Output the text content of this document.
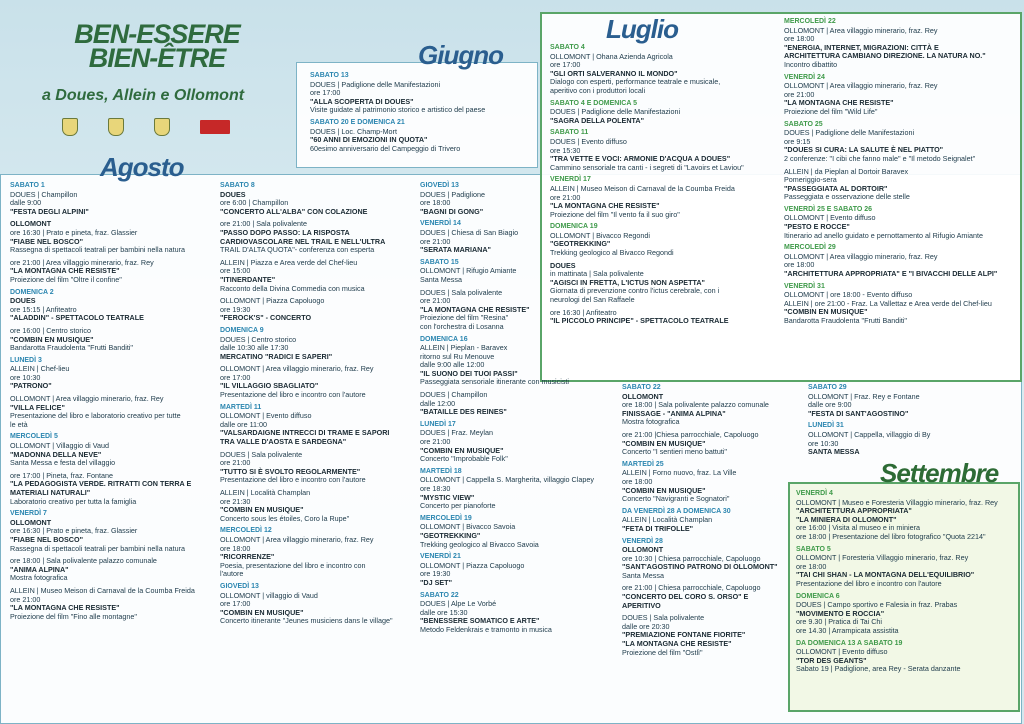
BEN-ESSERE
BIEN-ÊTRE
a Doues, Allein e Ollomont
Giugno
Luglio
Agosto
Settembre
SABATO 13
DOUES | Padiglione delle Manifestazioni
ore 17:00
"ALLA SCOPERTA DI DOUES"
Visite guidate al patrimonio storico e artistico del paese
SABATO 20 E DOMENICA 21
DOUES | Loc. Champ-Mort
"60 ANNI DI EMOZIONI IN QUOTA"
60esimo anniversario del Campeggio di Trivero
SABATO 4
OLLOMONT | Ohana Azienda Agricola
ore 17:00
"GLI ORTI SALVERANNO IL MONDO"
Dialogo con esperti, performance teatrale e musicale,
aperitivo con i produttori locali
SABATO 4 E DOMENICA 5
DOUES | Padiglione delle Manifestazioni
"SAGRA DELLA POLENTA"
SABATO 11
DOUES | Evento diffuso
ore 15:30
"TRA VETTE E VOCI: ARMONIE D'ACQUA A DOUES"
Cammino sensoriale tra canti - i segreti di "Lavoirs et Laviou"
VENERDÌ 17
ALLEIN | Museo Meison di Carnaval de la Coumba Freida
ore 21:00
"LA MONTAGNA CHE RESISTE"
Proiezione del film "Il vento fa il suo giro"
DOMENICA 19
OLLOMONT | Bivacco Regondi
"GEOTREKKING"
Trekking geologico al Bivacco Regondi
DOUES
in mattinata | Sala polivalente
"AGISCI IN FRETTA, L'ICTUS NON ASPETTA"
Giornata di prevenzione contro l'ictus cerebrale, con i
neurologi del San Raffaele

ore 16:30 | Anfiteatro
"IL PICCOLO PRINCIPE" - SPETTACOLO TEATRALE
MERCOLEDÌ 22
OLLOMONT | Area villaggio minerario, fraz. Rey
ore 18:00
"ENERGIA, INTERNET, MIGRAZIONI: CITTÀ E
ARCHITETTURA CAMBIANO DIREZIONE. LA NATURA NO."
Incontro dibattito
VENERDÌ 24
OLLOMONT | Area villaggio minerario, fraz. Rey
ore 21:00
"LA MONTAGNA CHE RESISTE"
Proiezione del film "Wild Life"
SABATO 25
DOUES | Padiglione delle Manifestazioni
ore 9:15
"DOUES SI CURA: LA SALUTE È NEL PIATTO"
2 conferenze: "I cibi che fanno male" e "Il metodo Seignalet"

ALLEIN | da Pieplan al Dortoir Baravex
Pomeriggio-sera
"PASSEGGIATA AL DORTOIR"
Passeggiata e osservazione delle stelle
VENERDÌ 25 E SABATO 26
OLLOMONT | Evento diffuso
"PESTO E ROCCE"
Itinerario ad anello guidato e pernottamento al Rifugio Amiante
MERCOLEDÌ 29
OLLOMONT | Area villaggio minerario, fraz. Rey
ore 18:00
"ARCHITETTURA APPROPRIATA" E "I BIVACCHI DELLE ALPI"
VENERDÌ 31
OLLOMONT | ore 18:00 - Evento diffuso
ALLEIN | ore 21:00 - Fraz. La Vallettaz e Area verde del Chef-lieu
"COMBIN EN MUSIQUE"
Bandarotta Fraudolenta "Frutti Banditi"
SABATO 1
DOUES | Champillon
dalle 9:00
"FESTA DEGLI ALPINI"

OLLOMONT
ore 16:30 | Prato e pineta, fraz. Glassier
"FIABE NEL BOSCO"
Rassegna di spettacoli teatrali per bambini nella natura

ore 21:00 | Area villaggio minerario, fraz. Rey
"LA MONTAGNA CHE RESISTE"
Proiezione del film "Oltre il confine"
DOMENICA 2
DOUES
ore 15:15 | Anfiteatro
"ALADDIN" - SPETTACOLO TEATRALE

ore 16:00 | Centro storico
"COMBIN EN MUSIQUE"
Bandarotta Fraudolenta "Frutti Banditi"
LUNEDÌ 3
ALLEIN | Chef-lieu
ore 10:30
"PATRONO"

OLLOMONT | Area villaggio minerario, fraz. Rey
"VILLA FELICE"
Presentazione del libro e laboratorio creativo per tutte
le età
MERCOLEDÌ 5
OLLOMONT | Villaggio di Vaud
"MADONNA DELLA NEVE"
Santa Messa e festa del villaggio

ore 17:00 | Pineta, fraz. Fontane
"LA PEDAGOGISTA VERDE. RITRATTI CON TERRA E
MATERIALI NATURALI"
Laboratorio creativo per tutta la famiglia
VENERDÌ 7
OLLOMONT
ore 16:30 | Prato e pineta, fraz. Glassier
"FIABE NEL BOSCO"
Rassegna di spettacoli teatrali per bambini nella natura

ore 18:00 | Sala polivalente palazzo comunale
"ANIMA ALPINA"
Mostra fotografica

ALLEIN | Museo Meison di Carnaval de la Coumba Freida
ore 21:00
"LA MONTAGNA CHE RESISTE"
Proiezione del film "Fino alle montagne"
SABATO 8
DOUES
ore 6:00 | Champillon
"CONCERTO ALL'ALBA" CON COLAZIONE

ore 21:00 | Sala polivalente
"PASSO DOPO PASSO: LA RISPOSTA
CARDIOVASCOLARE NEL TRAIL E NELL'ULTRA
TRAIL D'ALTA QUOTA"- conferenza con esperta

ALLEIN | Piazza e Area verde del Chef-lieu
ore 15:00
"ITINERDANTE"
Racconto della Divina Commedia con musica

OLLOMONT | Piazza Capoluogo
ore 19:30
"FEROCK'S" - CONCERTO
DOMENICA 9
DOUES | Centro storico
dalle 10:30 alle 17:30
MERCATINO "RADICI E SAPERI"

OLLOMONT | Area villaggio minerario, fraz. Rey
ore 17:00
"IL VILLAGGIO SBAGLIATO"
Presentazione del libro e incontro con l'autore
MARTEDÌ 11
OLLOMONT | Evento diffuso
dalle ore 11:00
"VALSARDAIGNE INTRECCI DI TRAME E SAPORI
TRA VALLE D'AOSTA E SARDEGNA"

DOUES | Sala polivalente
ore 21:00
"TUTTO SI È SVOLTO REGOLARMENTE"
Presentazione del libro e incontro con l'autore

ALLEIN | Località Champlan
ore 21:30
"COMBIN EN MUSIQUE"
Concerto sous les étoiles, Coro la Rupe"
MERCOLEDÌ 12
OLLOMONT | Area villaggio minerario, fraz. Rey
ore 18:00
"RICORRENZE"
Poesia, presentazione del libro e incontro con
l'autore
GIOVEDÌ 13
OLLOMONT | villaggio di Vaud
ore 17:00
"COMBIN EN MUSIQUE"
Concerto itinerante "Jeunes musiciens dans le village"
GIOVEDÌ 13
DOUES | Padiglione
ore 18:00
"BAGNI DI GONG"
VENERDÌ 14
DOUES | Chiesa di San Biagio
ore 21:00
"SERATA MARIANA"
SABATO 15
OLLOMONT | Rifugio Amiante
Santa Messa

DOUES | Sala polivalente
ore 21:00
"LA MONTAGNA CHE RESISTE"
Proiezione del film "Resina"
con l'orchestra di Losanna
DOMENICA 16
ALLEIN | Pieplan - Baravex
ritorno sul Ru Menouve
dalle 9:00 alle 12:00
"IL SUONO DEI TUOI PASSI"
Passeggiata sensoriale itinerante con musicisti

DOUES | Champillon
dalle 12:00
"BATAILLE DES REINES"
LUNEDÌ 17
DOUES | Fraz. Meylan
ore 21:00
"COMBIN EN MUSIQUE"
Concerto "Improbable Folk"
MARTEDÌ 18
OLLOMONT | Cappella S. Margherita, villaggio Clapey
ore 18:30
"MYSTIC VIEW"
Concerto per pianoforte
MERCOLEDÌ 19
OLLOMONT | Bivacco Savoia
"GEOTREKKING"
Trekking geologico al Bivacco Savoia
VENERDÌ 21
OLLOMONT | Piazza Capoluogo
ore 19:30
"DJ SET"
SABATO 22
DOUES | Alpe Le Vorbé
dalle ore 15:30
"BENESSERE SOMATICO E ARTE"
Metodo Feldenkrais e tramonto in musica
SABATO 22
OLLOMONT
ore 18:00 | Sala polivalente palazzo comunale
FINISSAGE - "ANIMA ALPINA"
Mostra fotografica

ore 21:00 |Chiesa parrocchiale, Capoluogo
"COMBIN EN MUSIQUE"
Concerto "I sentieri meno battuti"
MARTEDÌ 25
ALLEIN | Forno nuovo, fraz. La Ville
ore 18:00
"COMBIN EN MUSIQUE"
Concerto "Navigranti e Sognatori"
DA VENERDÌ 28 A DOMENICA 30
ALLEIN | Località Champlan
"FETA DI TRIFOLLE"
VENERDÌ 28
OLLOMONT
ore 10:30 | Chiesa parrocchiale, Capoluogo
"SANT'AGOSTINO PATRONO DI OLLOMONT"
Santa Messa

ore 21:00 | Chiesa parrocchiale, Capoluogo
"CONCERTO DEL CORO S. ORSO" E APERITIVO

DOUES | Sala polivalente
dalle ore 20:30
"PREMIAZIONE FONTANE FIORITE"
"LA MONTAGNA CHE RESISTE"
Proiezione del film "Ostlì"
SABATO 29
OLLOMONT | Fraz. Rey e Fontane
dalle ore 9:00
"FESTA DI SANT'AGOSTINO"
LUNEDÌ 31
OLLOMONT | Cappella, villaggio di By
ore 10:30
SANTA MESSA
VENERDÌ 4
OLLOMONT | Museo e Foresteria Villaggio minerario, fraz. Rey
"ARCHITETTURA APPROPRIATA"
"LA MINIERA DI OLLOMONT"
ore 16:00 | Visita al museo e in miniera
ore 18:00 | Presentazione del libro fotografico "Quota 2214"
SABATO 5
OLLOMONT | Foresteria Villaggio minerario, fraz. Rey
ore 18:00
"TAI CHI SHAN - LA MONTAGNA DELL'EQUILIBRIO"
Presentazione del libro e incontro con l'autore
DOMENICA 6
DOUES | Campo sportivo e Falesia in fraz. Prabas
"MOVIMENTO E ROCCIA"
ore 9.30 | Pratica di Tai Chi
ore 14.30 | Arrampicata assistita
DA DOMENICA 13 A SABATO 19
OLLOMONT | Evento diffuso
"TOR DES GEANTS"
Sabato 19 | Padiglione, area Rey - Serata danzante
